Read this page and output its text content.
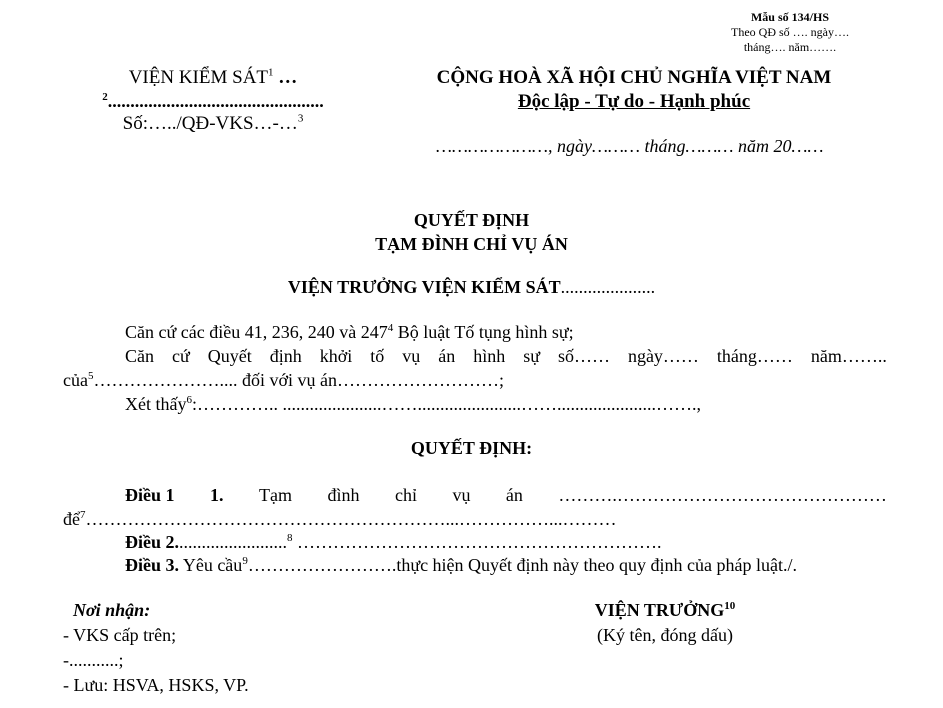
Mẫu số 134/HS
Theo QĐ số …. ngày….
tháng…. năm…….
VIỆN KIỂM SÁT$^1$ …
$^2$................................................
Số:…../QĐ-VKS…-…$^3$
CỘNG HOÀ XÃ HỘI CHỦ NGHĨA VIỆT NAM
Độc lập - Tự do - Hạnh phúc
…………………, ngày……… tháng……… năm 20……
QUYẾT ĐỊNH
TẠM ĐÌNH CHỈ VỤ ÁN
VIỆN TRƯỞNG VIỆN KIỂM SÁT.....................
Căn cứ các điều 41, 236, 240 và $247^4$ Bộ luật Tố tụng hình sự;
Căn cứ Quyết định khởi tố vụ án hình sự số…… ngày…… tháng…… năm……..
của$^5$………………….... đối với vụ án………………………;
Xét thấy$^6$:………….. ......................…….......................……......................…….,
QUYẾT ĐỊNH:
Điều 1 1. Tạm đình chỉ vụ án ……….………………………………………
để$^7$……………………………………………………...……………...………
Điều 2.........................$^8$ …………………………………………………….
Điều 3. Yêu cầu$^9$…………………….thực hiện Quyết định này theo quy định của pháp luật./.
Nơi nhận:
- VKS cấp trên;
-...........;
- Lưu: HSVA, HSKS, VP.
VIỆN TRƯỞNG$^{10}$
(Ký tên, đóng dấu)
